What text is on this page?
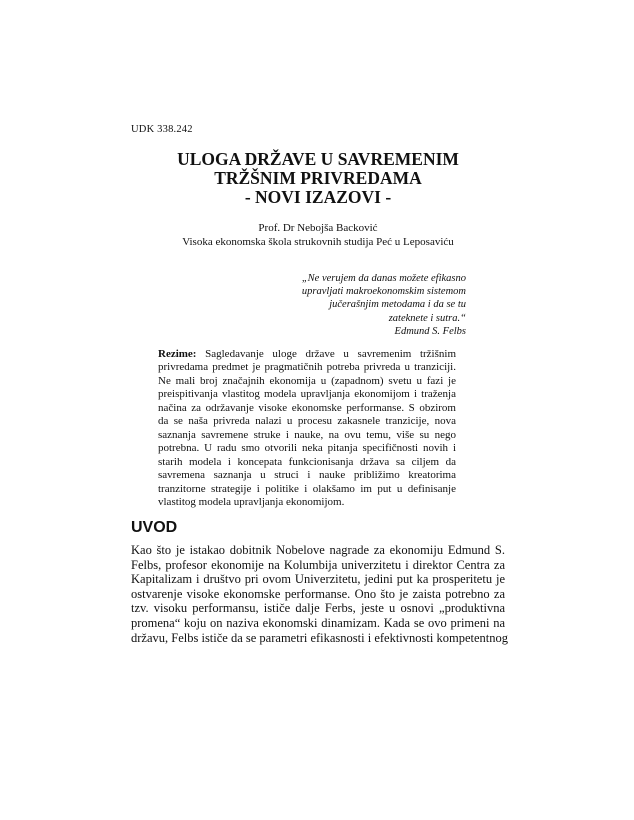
UDK 338.242
ULOGA DRŽAVE U SAVREMENIM
TRŽŠNIM PRIVREDAMA
- NOVI IZAZOVI -
Prof. Dr Nebojša Backović
Visoka ekonomska škola strukovnih studija Peć u Leposaviću
„Ne verujem da danas možete efikasno
upravljati makroekonomskim sistemom
jučerašnjim metodama i da se tu
zateknete i sutra.“
Edmund S. Felbs
Rezime: Sagledavanje uloge države u savremenim tržišnim privredama predmet je pragmatičnih potreba privreda u tranziciji. Ne mali broj značajnih ekonomija u (zapadnom) svetu u fazi je preispitivanja vlastitog modela upravljanja ekonomijom i traženja načina za održavanje visoke ekonomske performanse. S obzirom da se naša privreda nalazi u procesu zakasnele tranzicije, nova saznanja savremene struke i nauke, na ovu temu, više su nego potrebna. U radu smo otvorili neka pitanja specifičnosti novih i starih modela i koncepata funkcionisanja država sa ciljem da savremena saznanja u struci i nauke približimo kreatorima tranzitorne strategije i politike i olakšamo im put u definisanje vlastitog modela upravljanja ekonomijom.
UVOD
Kao što je istakao dobitnik Nobelove nagrade za ekonomiju Edmund S.
Felbs, profesor ekonomije na Kolumbija univerzitetu i direktor Centra za
Kapitalizam i društvo pri ovom Univerzitetu, jedini put ka prosperitetu je
ostvarenje visoke ekonomske performanse. Ono što je zaista potrebno za
tzv. visoku performansu, ističe dalje Ferbs, jeste u osnovi „produktivna
promena“ koju on naziva ekonomski dinamizam. Kada se ovo primeni na
državu, Felbs ističe da se parametri efikasnosti i efektivnosti kompetentnog
